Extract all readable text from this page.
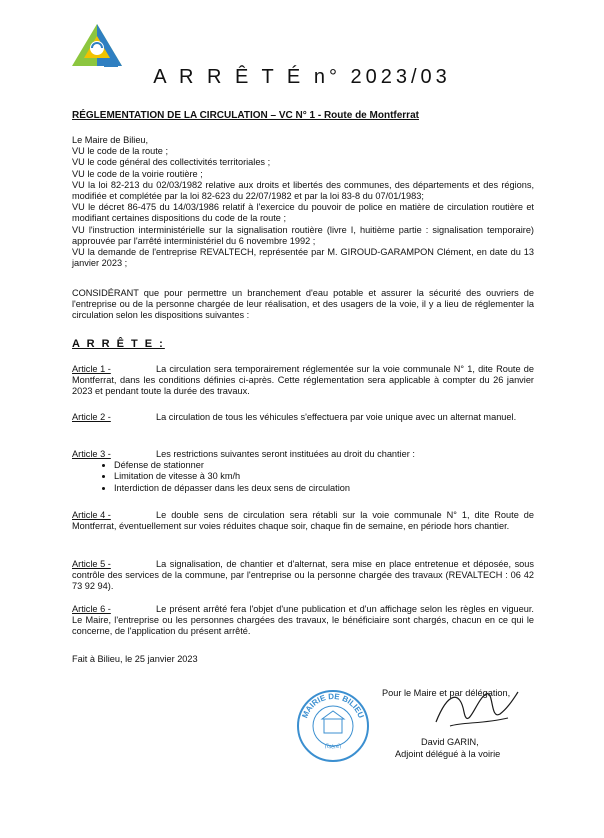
A R R Ê T É n° 2023/03
RÉGLEMENTATION DE LA CIRCULATION – VC N° 1 - Route de Montferrat

Le Maire de Bilieu,

VU le code de la route ;

VU le code général des collectivités territoriales ;

VU le code de la voirie routière ;

VU la loi 82-213 du 02/03/1982 relative aux droits et libertés des communes, des départements et des régions, modifiée et complétée par la loi 82-623 du 22/07/1982 et par la loi 83-8 du 07/01/1983;

VU le décret 86-475 du 14/03/1986 relatif à l'exercice du pouvoir de police en matière de circulation routière et modifiant certaines dispositions du code de la route ;

VU l'instruction interministérielle sur la signalisation routière (livre I, huitième partie : signalisation temporaire) approuvée par l'arrêté interministériel du 6 novembre 1992 ;

VU la demande de l'entreprise REVALTECH, représentée par M. GIROUD-GARAMPON Clément, en date du 13 janvier 2023 ;

CONSIDÉRANT que pour permettre un branchement d'eau potable et assurer la sécurité des ouvriers de l'entreprise ou de la personne chargée de leur réalisation, et des usagers de la voie, il y a lieu de réglementer la circulation selon les dispositions suivantes :
A R R Ê T E :

Article 1 -	La circulation sera temporairement réglementée sur la voie communale N° 1, dite Route de Montferrat, dans les conditions définies ci-après. Cette réglementation sera applicable à compter du 26 janvier 2023 et pendant toute la durée des travaux.

Article 2 -	La circulation de tous les véhicules s'effectuera par voie unique avec un alternat manuel.

Article 3 -	Les restrictions suivantes seront instituées au droit du chantier :

• Défense de stationner
• Limitation de vitesse à 30 km/h
• Interdiction de dépasser dans les deux sens de circulation

Article 4 -	Le double sens de circulation sera rétabli sur la voie communale N° 1, dite Route de Montferrat, éventuellement sur voies réduites chaque soir, chaque fin de semaine, en période hors chantier.

Article 5 -	La signalisation, de chantier et d'alternat, sera mise en place entretenue et déposée, sous contrôle des services de la commune, par l'entreprise ou la personne chargée des travaux (REVALTECH : 06 42 73 92 94).

Article 6 -	Le présent arrêté fera l'objet d'une publication et d'un affichage selon les règles en vigueur. Le Maire, l'entreprise ou les personnes chargées des travaux, le bénéficiaire sont chargés, chacun en ce qui le concerne, de l'application du présent arrêté.

Fait à Bilieu, le 25 janvier 2023
Pour le Maire et par délégation,
David GARIN,
Adjoint délégué à la voirie
MAIRIE DE BILIEU
(Isère)
